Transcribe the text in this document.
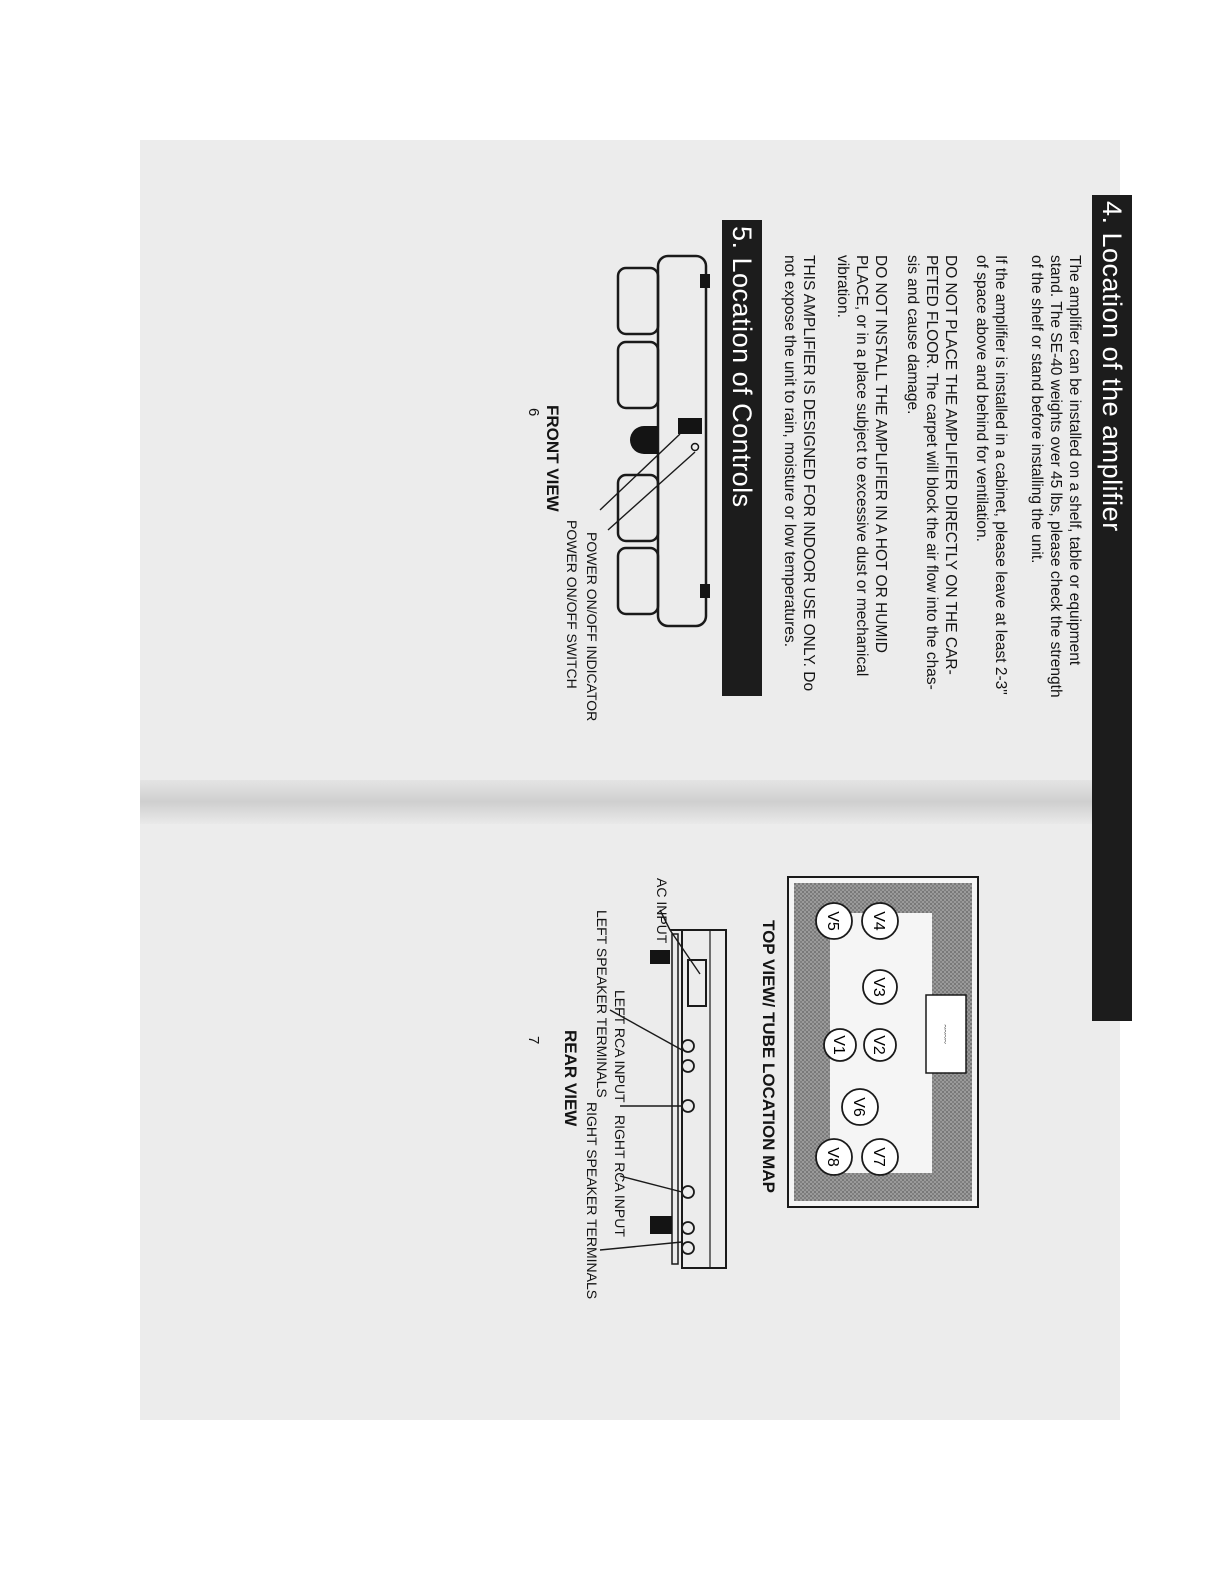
4. Location of the amplifier
The amplifier can be installed on a shelf, table or equipment
stand. The SE-40 weights over 45 lbs, please check the strength
of the shelf or stand before installing the unit.
If the amplifier is installed in a cabinet, please leave at least 2-3"
of space above and behind for ventilation.
DO NOT PLACE THE AMPLIFIER DIRECTLY ON THE CAR-
PETED FLOOR. The carpet will block the air flow into the chas-
sis and cause damage.
DO NOT INSTALL THE AMPLIFIER IN A HOT OR HUMID
PLACE, or in a place subject to excessive dust or mechanical
vibration.
THIS AMPLIFIER IS DESIGNED FOR INDOOR USE ONLY. Do
not expose the unit to rain, moisture or low temperatures.
5. Location of Controls
POWER ON/OFF INDICATOR
POWER ON/OFF SWITCH
FRONT VIEW
6
~~~~
V4
V5
V3
V2
V1
V6
V7
V8
TOP VIEW/ TUBE LOCATION MAP
AC INPUT
LEFT SPEAKER TERMINALS LEFT RCA INPUT
RIGHT RCA INPUT
RIGHT SPEAKER TERMINALS
REAR VIEW
7
